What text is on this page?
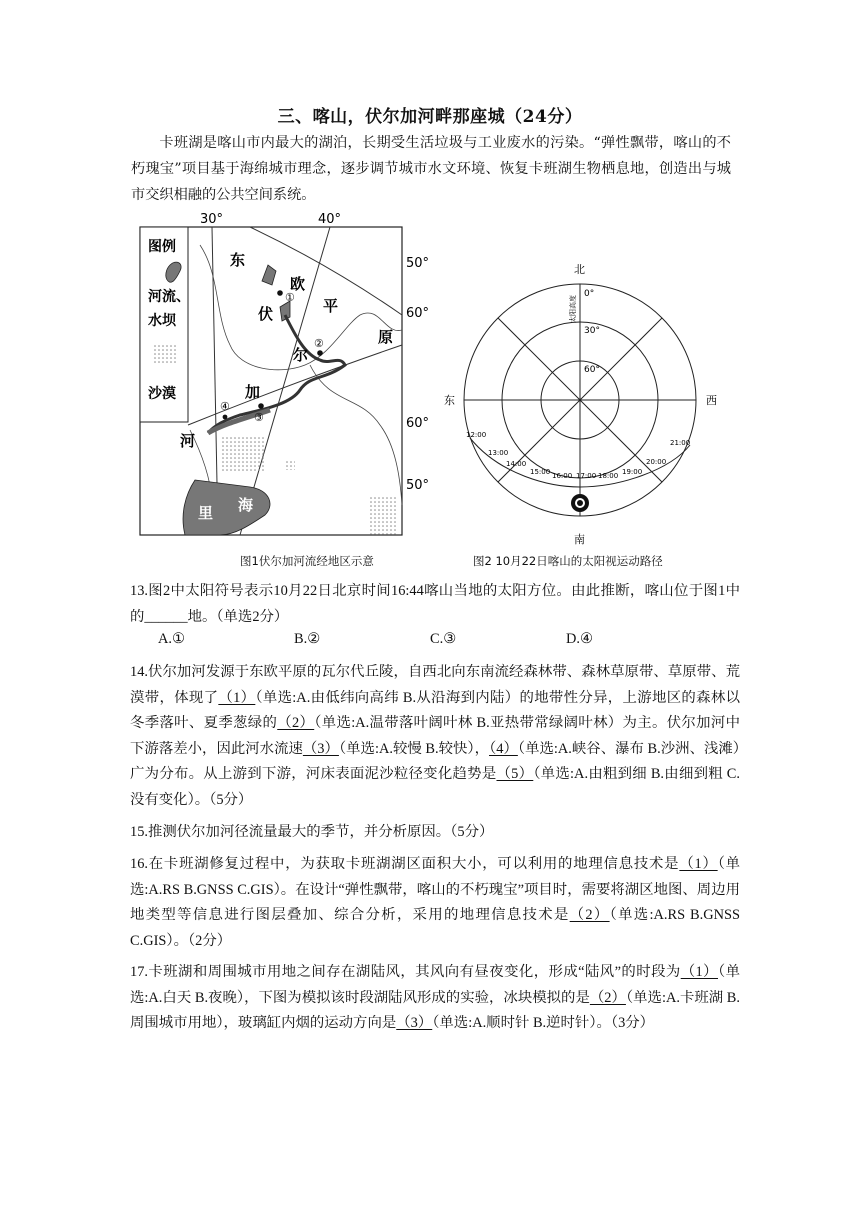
三、喀山，伏尔加河畔那座城（24分）
卡班湖是喀山市内最大的湖泊，长期受生活垃圾与工业废水的污染。“弹性飘带，喀山的不朽瑰宝”项目基于海绵城市理念，逐步调节城市水文环境、恢复卡班湖生物栖息地，创造出与城市交织相融的公共空间系统。
30°	40°
图例
河流、
水坝
沙漠
①
②
③
④
东
欧
伏	平
原
尔
加
河
里 海
50°
60°
60°
50°
北
南
东	西
0°
30°
60°
太阳高度
12:00
13:00
14:00
15:00 16:00 17:00 18:00 19:00
20:00
21:00
图1伏尔加河流经地区示意	图2 10月22日喀山的太阳视运动路径
13.图2中太阳符号表示10月22日北京时间16:44喀山当地的太阳方位。由此推断，喀山位于图1中的______地。（单选2分）
A.①	B.②	C.③	D.④
14.伏尔加河发源于东欧平原的瓦尔代丘陵，自西北向东南流经森林带、森林草原带、草原带、荒漠带，体现了（1）（单选:A.由低纬向高纬 B.从沿海到内陆）的地带性分异，上游地区的森林以冬季落叶、夏季葱绿的（2）（单选:A.温带落叶阔叶林 B.亚热带常绿阔叶林）为主。伏尔加河中下游落差小，因此河水流速（3）（单选:A.较慢 B.较快），（4）（单选:A.峡谷、瀑布 B.沙洲、浅滩）广为分布。从上游到下游，河床表面泥沙粒径变化趋势是（5）（单选:A.由粗到细 B.由细到粗 C.没有变化）。（5分）
15.推测伏尔加河径流量最大的季节，并分析原因。（5分）
16.在卡班湖修复过程中，为获取卡班湖湖区面积大小，可以利用的地理信息技术是（1）（单选:A.RS B.GNSS C.GIS）。在设计“弹性飘带，喀山的不朽瑰宝”项目时，需要将湖区地图、周边用地类型等信息进行图层叠加、综合分析，采用的地理信息技术是（2）（单选:A.RS B.GNSS C.GIS）。（2分）
17.卡班湖和周围城市用地之间存在湖陆风，其风向有昼夜变化，形成“陆风”的时段为（1）（单选:A.白天 B.夜晚），下图为模拟该时段湖陆风形成的实验，冰块模拟的是（2）（单选:A.卡班湖 B.周围城市用地），玻璃缸内烟的运动方向是（3）（单选:A.顺时针 B.逆时针）。（3分）
